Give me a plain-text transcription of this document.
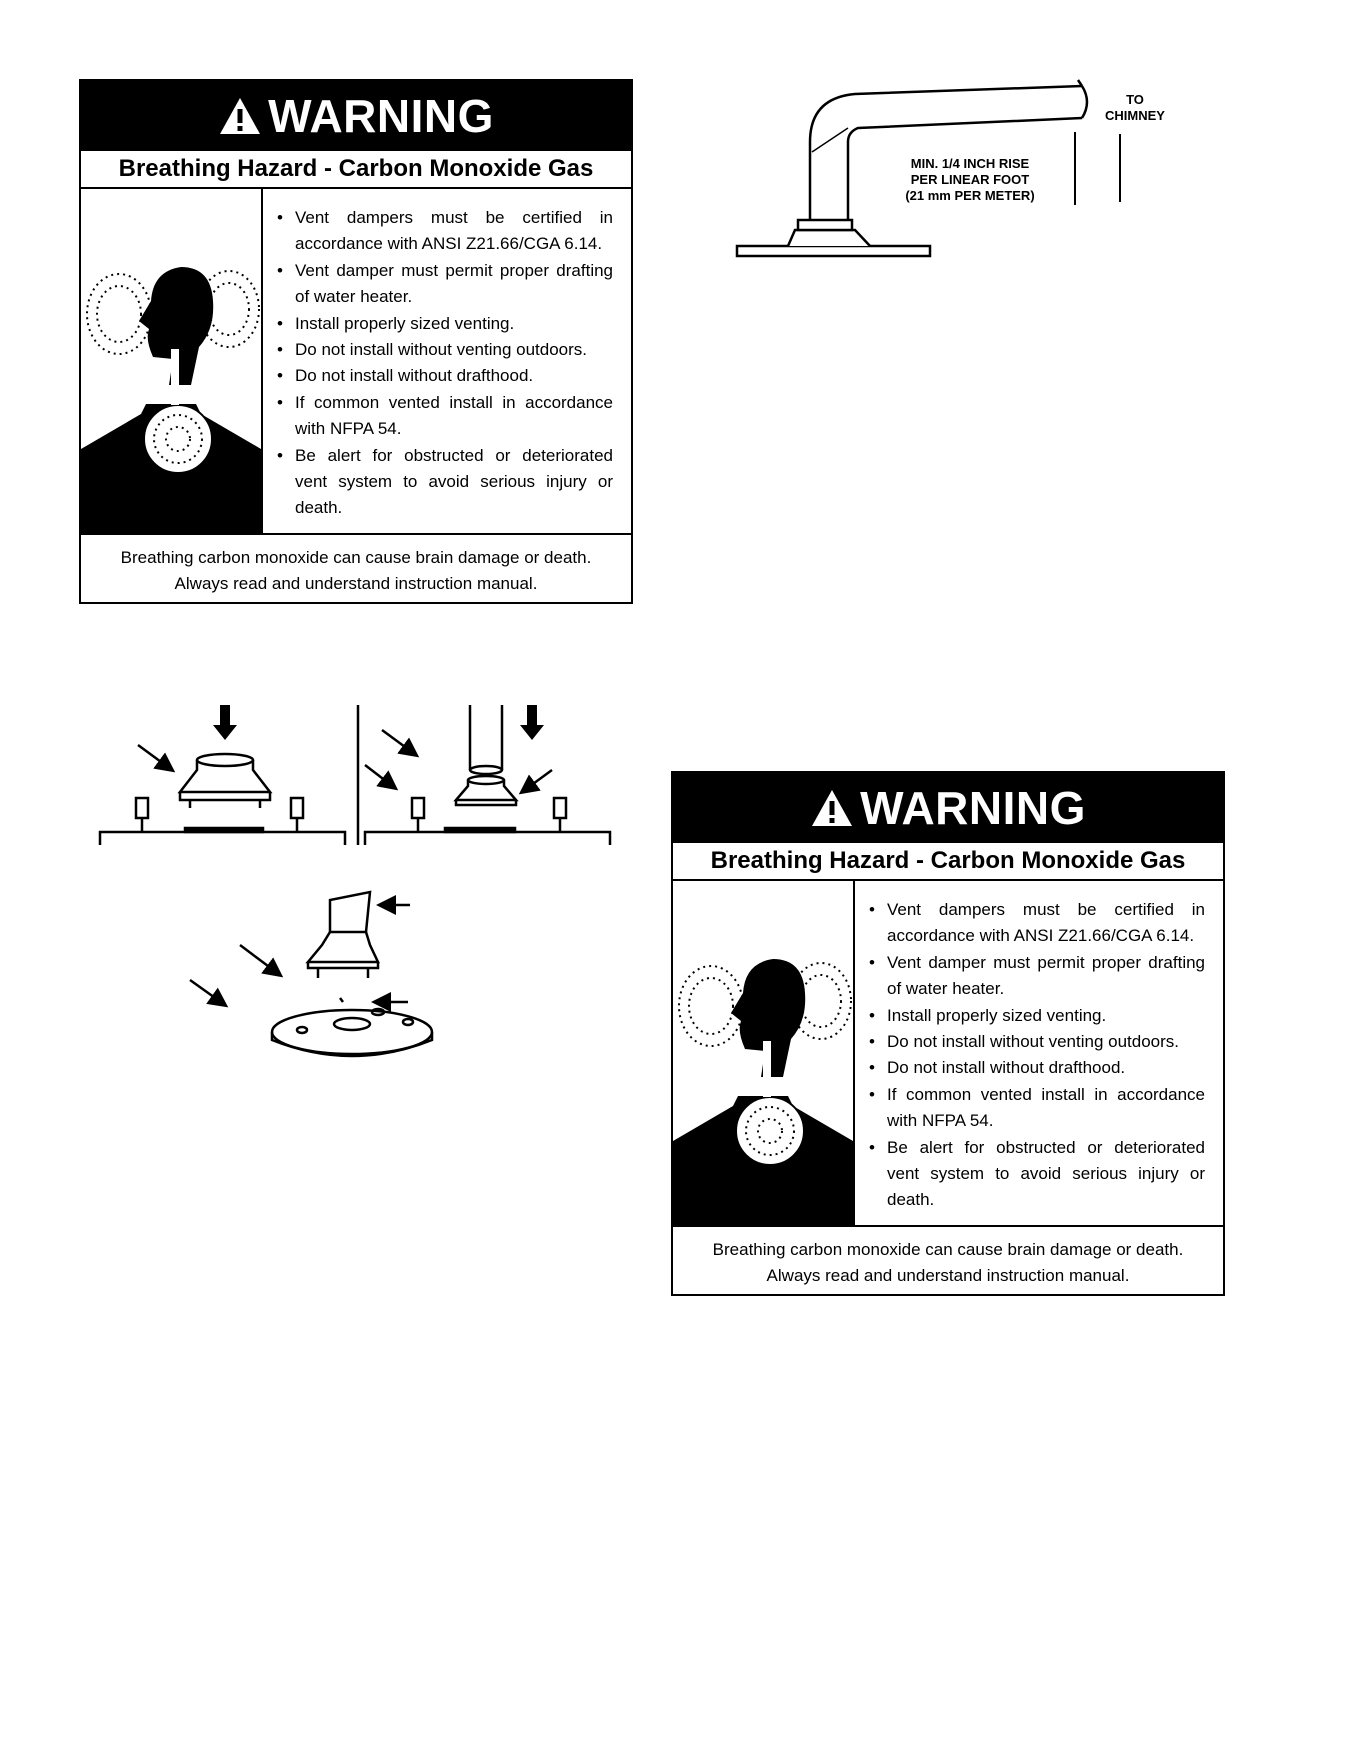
WARNING
Breathing Hazard - Carbon Monoxide Gas
• Vent dampers must be certified in accordance with ANSI Z21.66/CGA 6.14.
• Vent damper must permit proper drafting of water heater.
• Install properly sized venting.
• Do not install without venting outdoors.
• Do not install without drafthood.
• If common vented install in accordance with NFPA 54.
• Be alert for obstructed or deteriorated vent system to avoid serious injury or death.
Breathing carbon monoxide can cause brain damage or death.
Always read and understand instruction manual.
WARNING
Breathing Hazard - Carbon Monoxide Gas
• Vent dampers must be certified in accordance with ANSI Z21.66/CGA 6.14.
• Vent damper must permit proper drafting of water heater.
• Install properly sized venting.
• Do not install without venting outdoors.
• Do not install without drafthood.
• If common vented install in accordance with NFPA 54.
• Be alert for obstructed or deteriorated vent system to avoid serious injury or death.
Breathing carbon monoxide can cause brain damage or death.
Always read and understand instruction manual.
TO
CHIMNEY
MIN. 1/4 INCH RISE
PER LINEAR FOOT
(21 mm PER METER)
